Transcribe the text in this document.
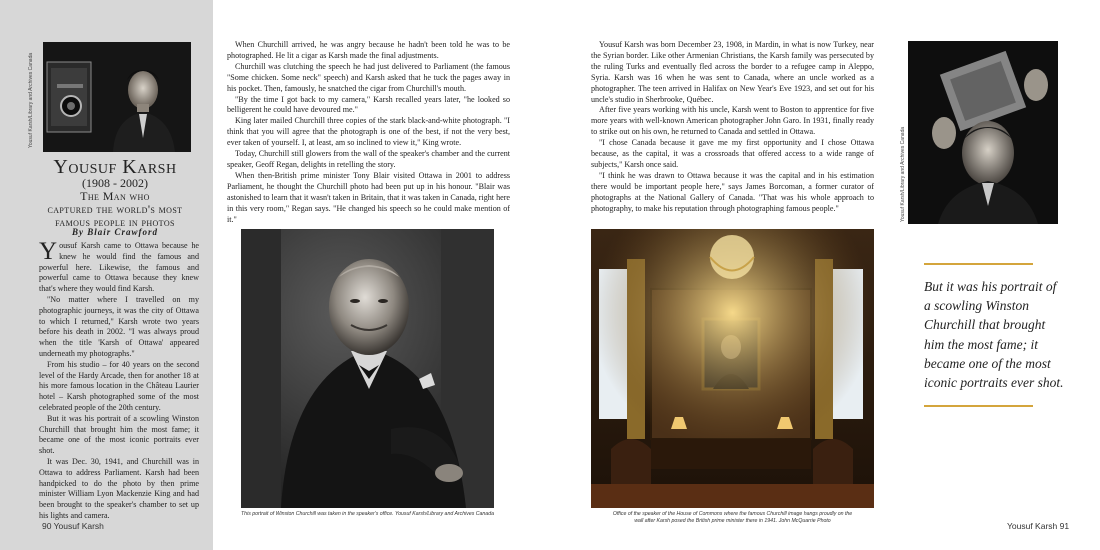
Yousuf Karsh/Library and Archives Canada
Yousuf Karsh
(1908 - 2002)
The Man who
captured the world's most
famous people in photos
By Blair Crawford

Yousuf Karsh came to Ottawa because he knew he would find the famous and powerful here. Likewise, the famous and powerful came to Ottawa because they knew that's where they would find Karsh.

"No matter where I travelled on my photographic journeys, it was the city of Ottawa to which I returned," Karsh wrote two years before his death in 2002. "I was always proud when the title 'Karsh of Ottawa' appeared underneath my photographs."

From his studio – for 40 years on the second level of the Hardy Arcade, then for another 18 at his more famous location in the Château Laurier hotel – Karsh photographed some of the most celebrated people of the 20th century.

But it was his portrait of a scowling Winston Churchill that brought him the most fame; it became one of the most iconic portraits ever shot.

It was Dec. 30, 1941, and Churchill was in Ottawa to address Parliament. Karsh had been handpicked to do the photo by then prime minister William Lyon Mackenzie King and had been brought to the speaker's chamber to set up his lights and camera.

When Churchill arrived, he was angry because he hadn't been told he was to be photographed. He lit a cigar as Karsh made the final adjustments.

Churchill was clutching the speech he had just delivered to Parliament (the famous "Some chicken. Some neck" speech) and Karsh asked that he tuck the pages away in his pocket. Then, famously, he snatched the cigar from Churchill's mouth.

"By the time I got back to my camera," Karsh recalled years later, "he looked so belligerent he could have devoured me."

King later mailed Churchill three copies of the stark black-and-white photograph. "I think that you will agree that the photograph is one of the best, if not the very best, ever taken of yourself. I, at least, am so inclined to view it," King wrote.

Today, Churchill still glowers from the wall of the speaker's chamber and the current speaker, Geoff Regan, delights in retelling the story.

When then-British prime minister Tony Blair visited Ottawa in 2001 to address Parliament, he thought the Churchill photo had been put up in his honour. "Blair was astonished to learn that it wasn't taken in Britain, that it was taken in Canada, right here in this very room," Regan says. "He changed his speech so he could make mention of it."

This portrait of Winston Churchill was taken in the speaker's office. Yousuf Karsh/Library and Archives Canada
90 Yousuf Karsh

Yousuf Karsh was born December 23, 1908, in Mardin, in what is now Turkey, near the Syrian border. Like other Armenian Christians, the Karsh family was persecuted by the ruling Turks and eventually fled across the border to a refugee camp in Aleppo, Syria. Karsh was 16 when he was sent to Canada, where an uncle worked as a photographer. The teen arrived in Halifax on New Year's Eve 1923, and set out for his uncle's studio in Sherbrooke, Québec.

After five years working with his uncle, Karsh went to Boston to apprentice for five more years with well-known American photographer John Garo. In 1931, finally ready to strike out on his own, he returned to Canada and settled in Ottawa.

"I chose Canada because it gave me my first opportunity and I chose Ottawa because, as the capital, it was a crossroads that offered access to a wide range of subjects," Karsh once said.

"I think he was drawn to Ottawa because it was the capital and in his estimation there would be important people here," says James Borcoman, a former curator of photographs at the National Gallery of Canada. "That was his whole approach to photography, to make his reputation through photographing famous people."

Office of the speaker of the House of Commons where the famous Churchill image hangs proudly on the
wall after Karsh posed the British prime minister there in 1941. John McQuarrie Photo
Yousuf Karsh/Library and Archives Canada
But it was his portrait of a scowling Winston Churchill that brought him the most fame; it became one of the most iconic portraits ever shot.
Yousuf Karsh 91
